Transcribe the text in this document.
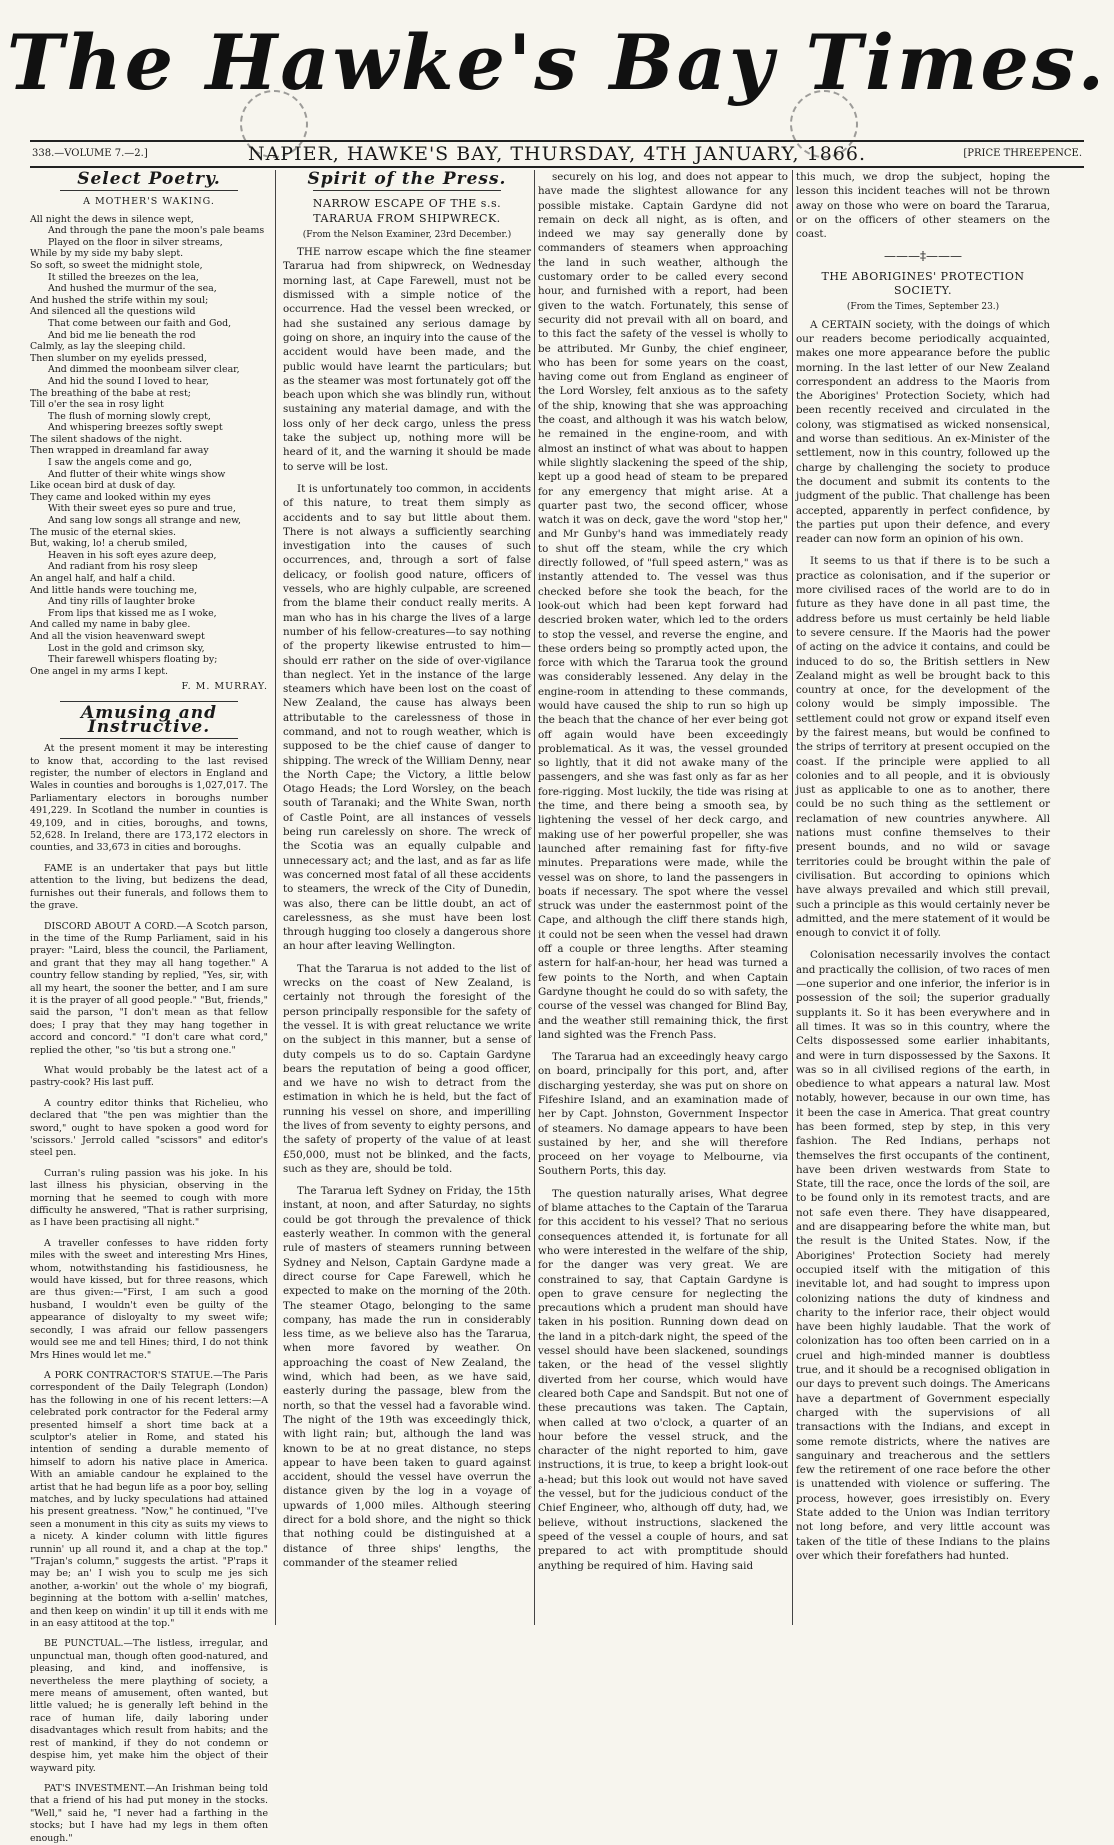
The Hawke's Bay Times.
NAPIER, HAWKE'S BAY, THURSDAY, 4TH JANUARY, 1866.
338.—VOLUME 7.—2.]	[PRICE THREEPENCE.
Select Poetry.
A MOTHER'S WAKING.
All night the dews in silence wept,
And through the pane the moon's pale beams
Played on the floor in silver streams,
While by my side my baby slept.
So soft, so sweet the midnight stole,
It stilled the breezes on the lea,
And hushed the murmur of the sea,
And hushed the strife within my soul;
And silenced all the questions wild
That come between our faith and God,
And bid me lie beneath the rod
Calmly, as lay the sleeping child.
Then slumber on my eyelids pressed,
And dimmed the moonbeam silver clear,
And hid the sound I loved to hear,
The breathing of the babe at rest;
Till o'er the sea in rosy light
The flush of morning slowly crept,
And whispering breezes softly swept
The silent shadows of the night.
Then wrapped in dreamland far away
I saw the angels come and go,
And flutter of their white wings show
Like ocean bird at dusk of day.
They came and looked within my eyes
With their sweet eyes so pure and true,
And sang low songs all strange and new,
The music of the eternal skies.
But, waking, lo! a cherub smiled,
Heaven in his soft eyes azure deep,
And radiant from his rosy sleep
An angel half, and half a child.
And little hands were touching me,
And tiny rills of laughter broke
From lips that kissed me as I woke,
And called my name in baby glee.
And all the vision heavenward swept
Lost in the gold and crimson sky,
Their farewell whispers floating by;
One angel in my arms I kept.
F. M. MURRAY.
Amusing and Instructive.

At the present moment it may be interesting to know that, according to the last revised register, the number of electors in England and Wales in counties and boroughs is 1,027,017. The Parliamentary electors in boroughs number 491,229. In Scotland the number in counties is 49,109, and in cities, boroughs, and towns, 52,628. In Ireland, there are 173,172 electors in counties, and 33,673 in cities and boroughs.

FAME is an undertaker that pays but little attention to the living, but bedizens the dead, furnishes out their funerals, and follows them to the grave.

DISCORD ABOUT A CORD.—A Scotch parson, in the time of the Rump Parliament, said in his prayer: "Laird, bless the council, the Parliament, and grant that they may all hang together." A country fellow standing by replied, "Yes, sir, with all my heart, the sooner the better, and I am sure it is the prayer of all good people." "But, friends," said the parson, "I don't mean as that fellow does; I pray that they may hang together in accord and concord." "I don't care what cord," replied the other, "so 'tis but a strong one."

What would probably be the latest act of a pastry-cook? His last puff.

A country editor thinks that Richelieu, who declared that "the pen was mightier than the sword," ought to have spoken a good word for 'scissors.' Jerrold called "scissors" and editor's steel pen.

Curran's ruling passion was his joke. In his last illness his physician, observing in the morning that he seemed to cough with more difficulty he answered, "That is rather surprising, as I have been practising all night."

A traveller confesses to have ridden forty miles with the sweet and interesting Mrs Hines, whom, notwithstanding his fastidiousness, he would have kissed, but for three reasons, which are thus given:—"First, I am such a good husband, I wouldn't even be guilty of the appearance of disloyalty to my sweet wife; secondly, I was afraid our fellow passengers would see me and tell Hines; third, I do not think Mrs Hines would let me."

A PORK CONTRACTOR'S STATUE.—The Paris correspondent of the Daily Telegraph (London) has the following in one of his recent letters:—A celebrated pork contractor for the Federal army presented himself a short time back at a sculptor's atelier in Rome, and stated his intention of sending a durable memento of himself to adorn his native place in America. With an amiable candour he explained to the artist that he had begun life as a poor boy, selling matches, and by lucky speculations had attained his present greatness. "Now," he continued, "I've seen a monument in this city as suits my views to a nicety. A kinder column with little figures runnin' up all round it, and a chap at the top." "Trajan's column," suggests the artist. "P'raps it may be; an' I wish you to sculp me jes sich another, a-workin' out the whole o' my biografi, beginning at the bottom with a-sellin' matches, and then keep on windin' it up till it ends with me in an easy attitood at the top."

BE PUNCTUAL.—The listless, irregular, and unpunctual man, though often good-natured, and pleasing, and kind, and inoffensive, is nevertheless the mere plaything of society, a mere means of amusement, often wanted, but little valued; he is generally left behind in the race of human life, daily laboring under disadvantages which result from habits; and the rest of mankind, if they do not condemn or despise him, yet make him the object of their wayward pity.

PAT'S INVESTMENT.—An Irishman being told that a friend of his had put money in the stocks. "Well," said he, "I never had a farthing in the stocks; but I have had my legs in them often enough."

Spirit of the Press.
NARROW ESCAPE OF THE s.s. TARARUA FROM SHIPWRECK.
(From the Nelson Examiner, 23rd December.)

THE narrow escape which the fine steamer Tararua had from shipwreck, on Wednesday morning last, at Cape Farewell, must not be dismissed with a simple notice of the occurrence. Had the vessel been wrecked, or had she sustained any serious damage by going on shore, an inquiry into the cause of the accident would have been made, and the public would have learnt the particulars; but as the steamer was most fortunately got off the beach upon which she was blindly run, without sustaining any material damage, and with the loss only of her deck cargo, unless the press take the subject up, nothing more will be heard of it, and the warning it should be made to serve will be lost.

It is unfortunately too common, in accidents of this nature, to treat them simply as accidents and to say but little about them. There is not always a sufficiently searching investigation into the causes of such occurrences, and, through a sort of false delicacy, or foolish good nature, officers of vessels, who are highly culpable, are screened from the blame their conduct really merits. A man who has in his charge the lives of a large number of his fellow-creatures—to say nothing of the property likewise entrusted to him—should err rather on the side of over-vigilance than neglect. Yet in the instance of the large steamers which have been lost on the coast of New Zealand, the cause has always been attributable to the carelessness of those in command, and not to rough weather, which is supposed to be the chief cause of danger to shipping. The wreck of the William Denny, near the North Cape; the Victory, a little below Otago Heads; the Lord Worsley, on the beach south of Taranaki; and the White Swan, north of Castle Point, are all instances of vessels being run carelessly on shore. The wreck of the Scotia was an equally culpable and unnecessary act; and the last, and as far as life was concerned most fatal of all these accidents to steamers, the wreck of the City of Dunedin, was also, there can be little doubt, an act of carelessness, as she must have been lost through hugging too closely a dangerous shore an hour after leaving Wellington.

That the Tararua is not added to the list of wrecks on the coast of New Zealand, is certainly not through the foresight of the person principally responsible for the safety of the vessel. It is with great reluctance we write on the subject in this manner, but a sense of duty compels us to do so. Captain Gardyne bears the reputation of being a good officer, and we have no wish to detract from the estimation in which he is held, but the fact of running his vessel on shore, and imperilling the lives of from seventy to eighty persons, and the safety of property of the value of at least £50,000, must not be blinked, and the facts, such as they are, should be told.

The Tararua left Sydney on Friday, the 15th instant, at noon, and after Saturday, no sights could be got through the prevalence of thick easterly weather. In common with the general rule of masters of steamers running between Sydney and Nelson, Captain Gardyne made a direct course for Cape Farewell, which he expected to make on the morning of the 20th. The steamer Otago, belonging to the same company, has made the run in considerably less time, as we believe also has the Tararua, when more favored by weather. On approaching the coast of New Zealand, the wind, which had been, as we have said, easterly during the passage, blew from the north, so that the vessel had a favorable wind. The night of the 19th was exceedingly thick, with light rain; but, although the land was known to be at no great distance, no steps appear to have been taken to guard against accident, should the vessel have overrun the distance given by the log in a voyage of upwards of 1,000 miles. Although steering direct for a bold shore, and the night so thick that nothing could be distinguished at a distance of three ships' lengths, the commander of the steamer relied

securely on his log, and does not appear to have made the slightest allowance for any possible mistake. Captain Gardyne did not remain on deck all night, as is often, and indeed we may say generally done by commanders of steamers when approaching the land in such weather, although the customary order to be called every second hour, and furnished with a report, had been given to the watch. Fortunately, this sense of security did not prevail with all on board, and to this fact the safety of the vessel is wholly to be attributed. Mr Gunby, the chief engineer, who has been for some years on the coast, having come out from England as engineer of the Lord Worsley, felt anxious as to the safety of the ship, knowing that she was approaching the coast, and although it was his watch below, he remained in the engine-room, and with almost an instinct of what was about to happen while slightly slackening the speed of the ship, kept up a good head of steam to be prepared for any emergency that might arise. At a quarter past two, the second officer, whose watch it was on deck, gave the word "stop her," and Mr Gunby's hand was immediately ready to shut off the steam, while the cry which directly followed, of "full speed astern," was as instantly attended to. The vessel was thus checked before she took the beach, for the look-out which had been kept forward had descried broken water, which led to the orders to stop the vessel, and reverse the engine, and these orders being so promptly acted upon, the force with which the Tararua took the ground was considerably lessened. Any delay in the engine-room in attending to these commands, would have caused the ship to run so high up the beach that the chance of her ever being got off again would have been exceedingly problematical. As it was, the vessel grounded so lightly, that it did not awake many of the passengers, and she was fast only as far as her fore-rigging. Most luckily, the tide was rising at the time, and there being a smooth sea, by lightening the vessel of her deck cargo, and making use of her powerful propeller, she was launched after remaining fast for fifty-five minutes. Preparations were made, while the vessel was on shore, to land the passengers in boats if necessary. The spot where the vessel struck was under the easternmost point of the Cape, and although the cliff there stands high, it could not be seen when the vessel had drawn off a couple or three lengths. After steaming astern for half-an-hour, her head was turned a few points to the North, and when Captain Gardyne thought he could do so with safety, the course of the vessel was changed for Blind Bay, and the weather still remaining thick, the first land sighted was the French Pass.

The Tararua had an exceedingly heavy cargo on board, principally for this port, and, after discharging yesterday, she was put on shore on Fifeshire Island, and an examination made of her by Capt. Johnston, Government Inspector of steamers. No damage appears to have been sustained by her, and she will therefore proceed on her voyage to Melbourne, via Southern Ports, this day.

The question naturally arises, What degree of blame attaches to the Captain of the Tararua for this accident to his vessel? That no serious consequences attended it, is fortunate for all who were interested in the welfare of the ship, for the danger was very great. We are constrained to say, that Captain Gardyne is open to grave censure for neglecting the precautions which a prudent man should have taken in his position. Running down dead on the land in a pitch-dark night, the speed of the vessel should have been slackened, soundings taken, or the head of the vessel slightly diverted from her course, which would have cleared both Cape and Sandspit. But not one of these precautions was taken. The Captain, when called at two o'clock, a quarter of an hour before the vessel struck, and the character of the night reported to him, gave instructions, it is true, to keep a bright look-out a-head; but this look out would not have saved the vessel, but for the judicious conduct of the Chief Engineer, who, although off duty, had, we believe, without instructions, slackened the speed of the vessel a couple of hours, and sat prepared to act with promptitude should anything be required of him. Having said

this much, we drop the subject, hoping the lesson this incident teaches will not be thrown away on those who were on board the Tararua, or on the officers of other steamers on the coast.

———‡———
THE ABORIGINES' PROTECTION SOCIETY.
(From the Times, September 23.)

A CERTAIN society, with the doings of which our readers become periodically acquainted, makes one more appearance before the public morning. In the last letter of our New Zealand correspondent an address to the Maoris from the Aborigines' Protection Society, which had been recently received and circulated in the colony, was stigmatised as wicked nonsensical, and worse than seditious. An ex-Minister of the settlement, now in this country, followed up the charge by challenging the society to produce the document and submit its contents to the judgment of the public. That challenge has been accepted, apparently in perfect confidence, by the parties put upon their defence, and every reader can now form an opinion of his own.

It seems to us that if there is to be such a practice as colonisation, and if the superior or more civilised races of the world are to do in future as they have done in all past time, the address before us must certainly be held liable to severe censure. If the Maoris had the power of acting on the advice it contains, and could be induced to do so, the British settlers in New Zealand might as well be brought back to this country at once, for the development of the colony would be simply impossible. The settlement could not grow or expand itself even by the fairest means, but would be confined to the strips of territory at present occupied on the coast. If the principle were applied to all colonies and to all people, and it is obviously just as applicable to one as to another, there could be no such thing as the settlement or reclamation of new countries anywhere. All nations must confine themselves to their present bounds, and no wild or savage territories could be brought within the pale of civilisation. But according to opinions which have always prevailed and which still prevail, such a principle as this would certainly never be admitted, and the mere statement of it would be enough to convict it of folly.

Colonisation necessarily involves the contact and practically the collision, of two races of men—one superior and one inferior, the inferior is in possession of the soil; the superior gradually supplants it. So it has been everywhere and in all times. It was so in this country, where the Celts dispossessed some earlier inhabitants, and were in turn dispossessed by the Saxons. It was so in all civilised regions of the earth, in obedience to what appears a natural law. Most notably, however, because in our own time, has it been the case in America. That great country has been formed, step by step, in this very fashion. The Red Indians, perhaps not themselves the first occupants of the continent, have been driven westwards from State to State, till the race, once the lords of the soil, are to be found only in its remotest tracts, and are not safe even there. They have disappeared, and are disappearing before the white man, but the result is the United States. Now, if the Aborigines' Protection Society had merely occupied itself with the mitigation of this inevitable lot, and had sought to impress upon colonizing nations the duty of kindness and charity to the inferior race, their object would have been highly laudable. That the work of colonization has too often been carried on in a cruel and high-minded manner is doubtless true, and it should be a recognised obligation in our days to prevent such doings. The Americans have a department of Government especially charged with the supervisions of all transactions with the Indians, and except in some remote districts, where the natives are sanguinary and treacherous and the settlers few the retirement of one race before the other is unattended with violence or suffering. The process, however, goes irresistibly on. Every State added to the Union was Indian territory not long before, and very little account was taken of the title of these Indians to the plains over which their forefathers had hunted.
